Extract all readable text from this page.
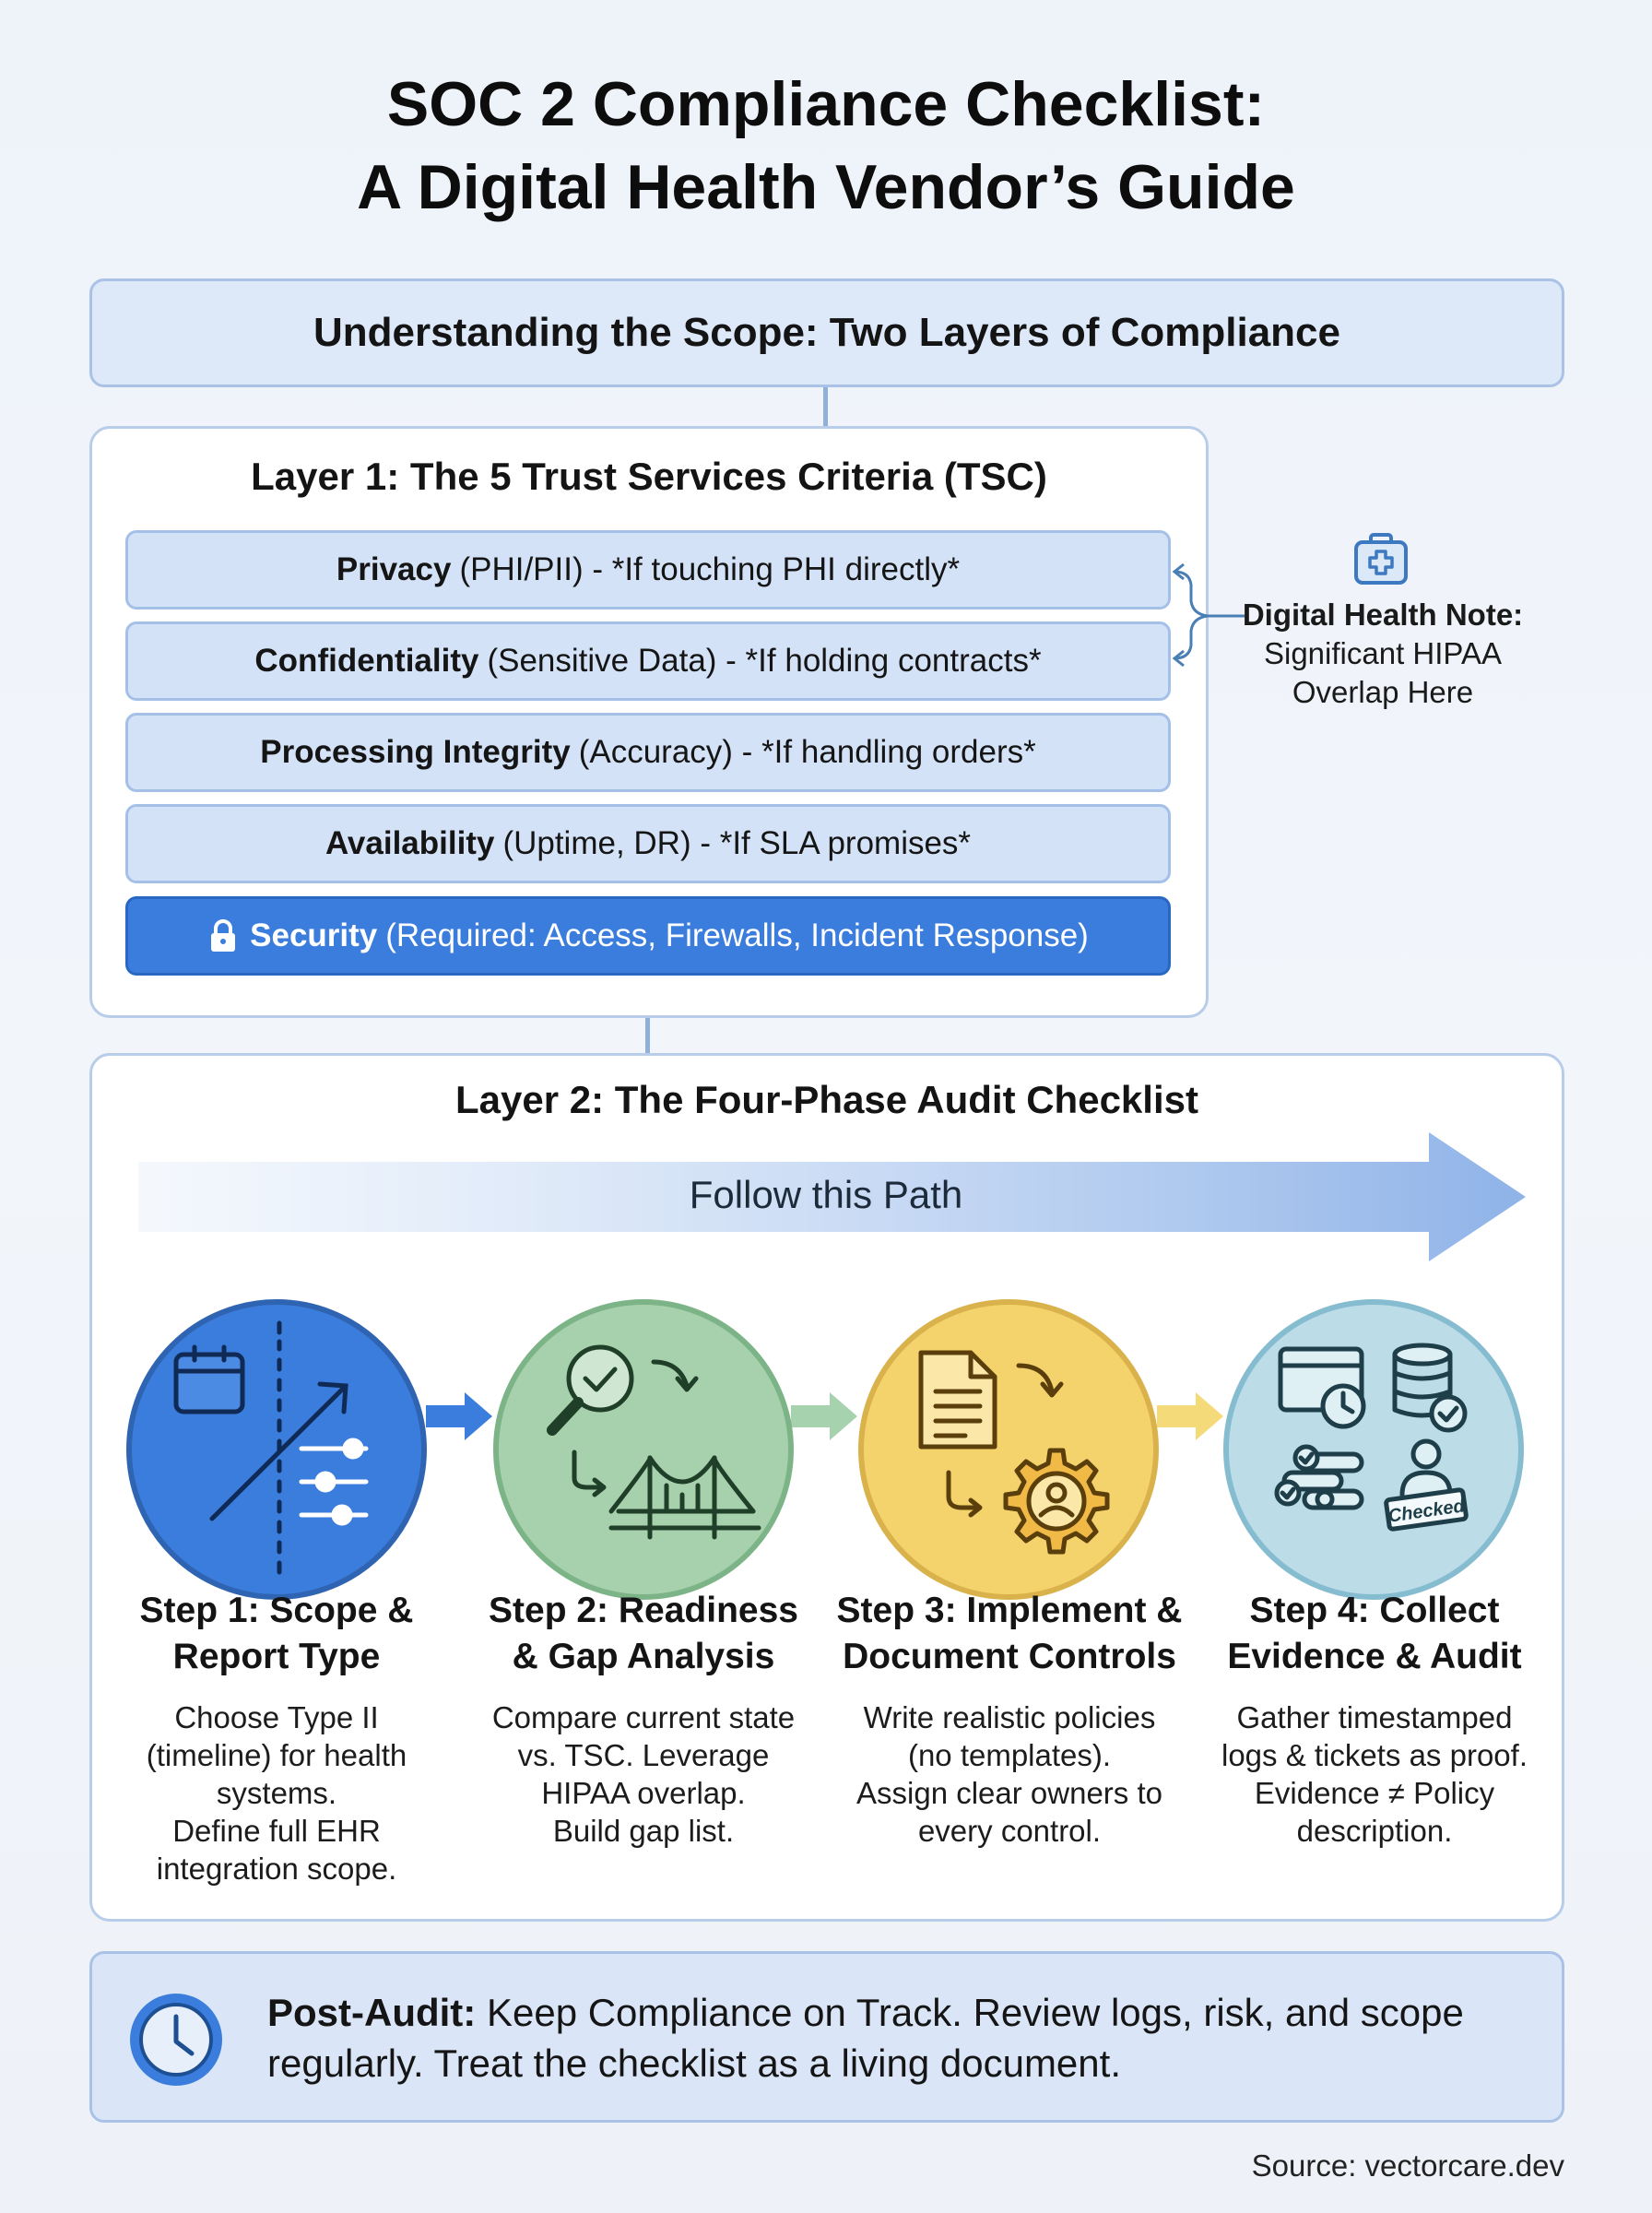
SOC 2 Compliance Checklist:
A Digital Health Vendor’s Guide
Understanding the Scope: Two Layers of Compliance
Layer 1: The 5 Trust Services Criteria (TSC)
Privacy (PHI/PII) - *If touching PHI directly*
Confidentiality (Sensitive Data) - *If holding contracts*
Processing Integrity (Accuracy) - *If handling orders*
Availability (Uptime, DR) - *If SLA promises*
Security (Required: Access, Firewalls, Incident Response)
Digital Health Note:
Significant HIPAA
Overlap Here
Layer 2: The Four-Phase Audit Checklist
Follow this Path
Checked
Step 1: Scope &
Report Type
Step 2: Readiness
& Gap Analysis
Step 3: Implement &
Document Controls
Step 4: Collect
Evidence & Audit
Choose Type II
(timeline) for health
systems.
Define full EHR
integration scope.
Compare current state
vs. TSC. Leverage
HIPAA overlap.
Build gap list.
Write realistic policies
(no templates).
Assign clear owners to
every control.
Gather timestamped
logs & tickets as proof.
Evidence ≠ Policy
description.
Post-Audit: Keep Compliance on Track. Review logs, risk, and scope regularly. Treat the checklist as a living document.
Source: vectorcare.dev
